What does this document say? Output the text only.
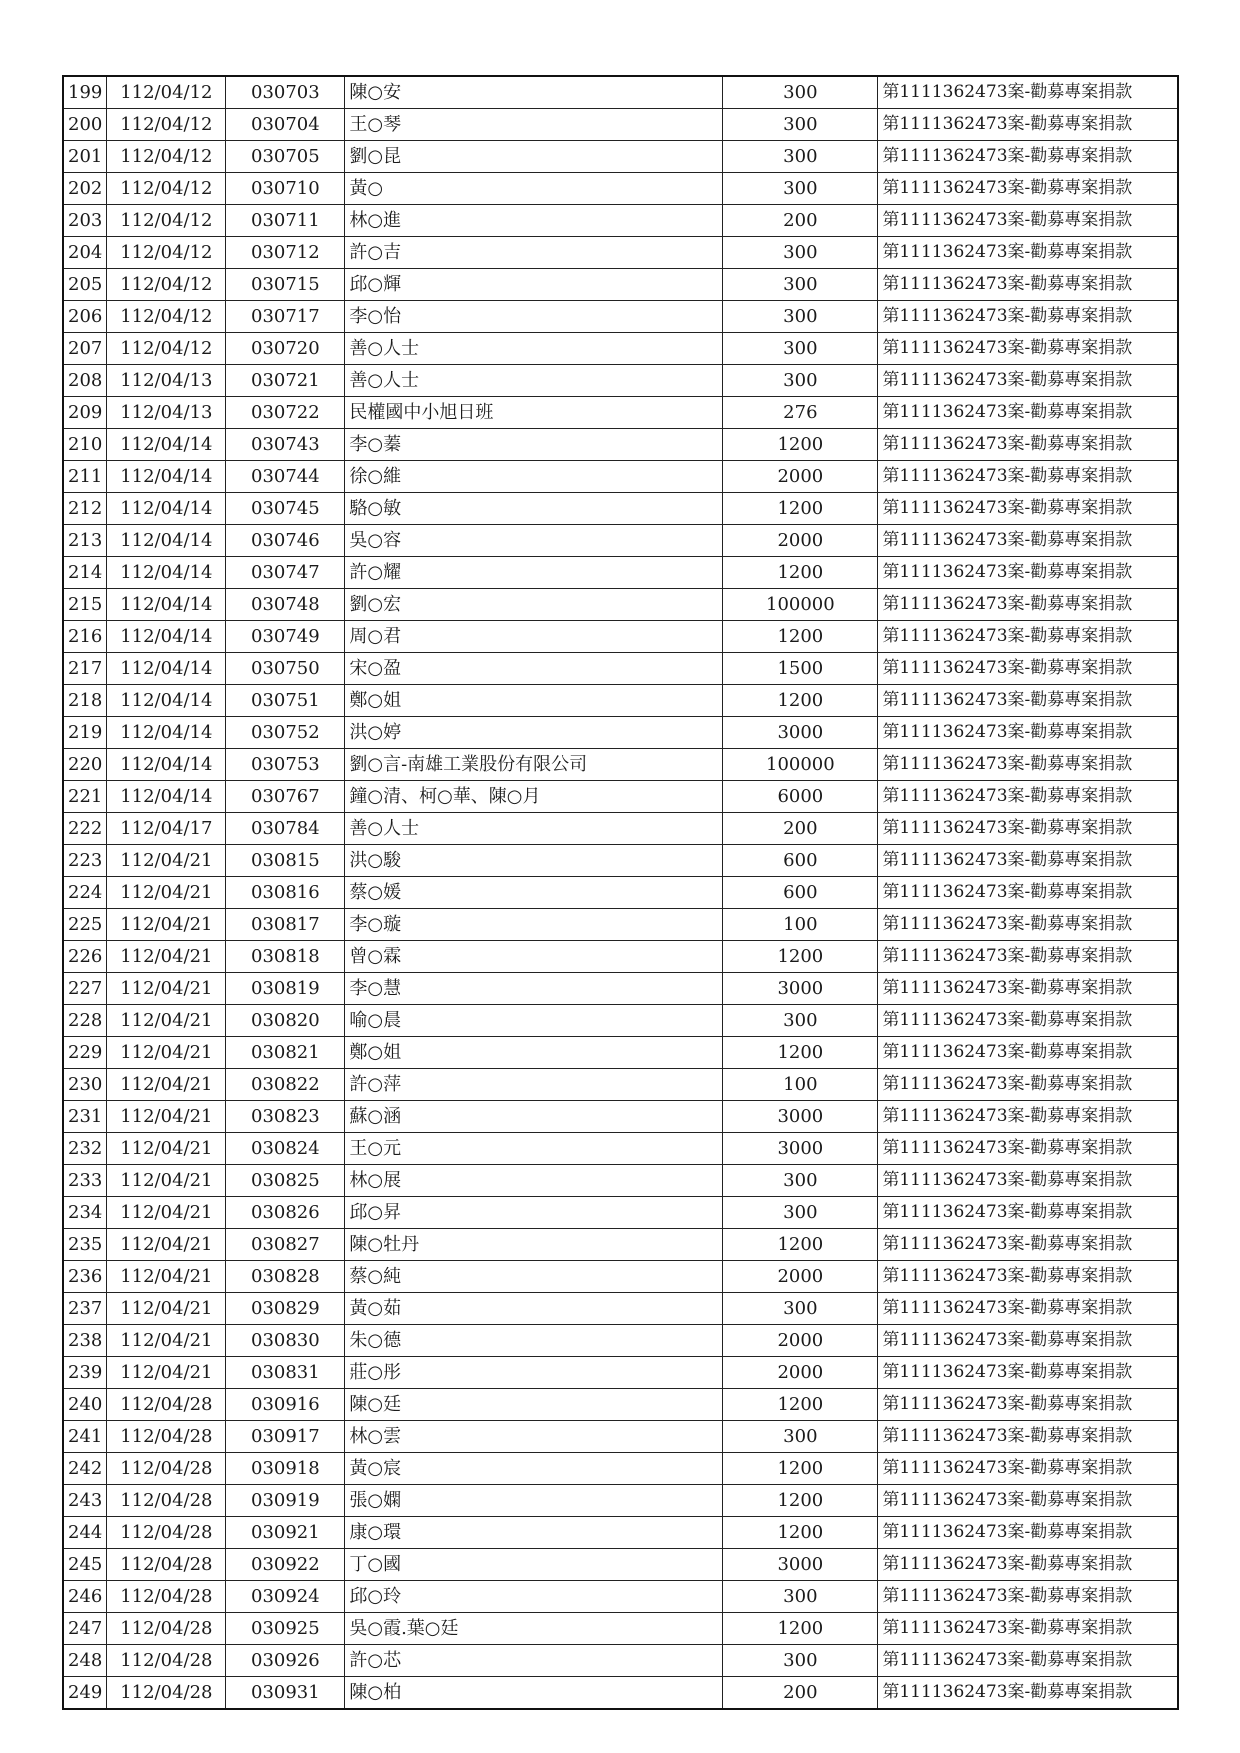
199	112/04/12	030703	陳○安	300	第1111362473案-勸募專案捐款
200	112/04/12	030704	王○琴	300	第1111362473案-勸募專案捐款
201	112/04/12	030705	劉○昆	300	第1111362473案-勸募專案捐款
202	112/04/12	030710	黃○	300	第1111362473案-勸募專案捐款
203	112/04/12	030711	林○進	200	第1111362473案-勸募專案捐款
204	112/04/12	030712	許○吉	300	第1111362473案-勸募專案捐款
205	112/04/12	030715	邱○輝	300	第1111362473案-勸募專案捐款
206	112/04/12	030717	李○怡	300	第1111362473案-勸募專案捐款
207	112/04/12	030720	善○人士	300	第1111362473案-勸募專案捐款
208	112/04/13	030721	善○人士	300	第1111362473案-勸募專案捐款
209	112/04/13	030722	民權國中小旭日班	276	第1111362473案-勸募專案捐款
210	112/04/14	030743	李○蓁	1200	第1111362473案-勸募專案捐款
211	112/04/14	030744	徐○維	2000	第1111362473案-勸募專案捐款
212	112/04/14	030745	駱○敏	1200	第1111362473案-勸募專案捐款
213	112/04/14	030746	吳○容	2000	第1111362473案-勸募專案捐款
214	112/04/14	030747	許○耀	1200	第1111362473案-勸募專案捐款
215	112/04/14	030748	劉○宏	100000	第1111362473案-勸募專案捐款
216	112/04/14	030749	周○君	1200	第1111362473案-勸募專案捐款
217	112/04/14	030750	宋○盈	1500	第1111362473案-勸募專案捐款
218	112/04/14	030751	鄭○姐	1200	第1111362473案-勸募專案捐款
219	112/04/14	030752	洪○婷	3000	第1111362473案-勸募專案捐款
220	112/04/14	030753	劉○言-南雄工業股份有限公司	100000	第1111362473案-勸募專案捐款
221	112/04/14	030767	鐘○清、柯○華、陳○月	6000	第1111362473案-勸募專案捐款
222	112/04/17	030784	善○人士	200	第1111362473案-勸募專案捐款
223	112/04/21	030815	洪○駿	600	第1111362473案-勸募專案捐款
224	112/04/21	030816	蔡○媛	600	第1111362473案-勸募專案捐款
225	112/04/21	030817	李○璇	100	第1111362473案-勸募專案捐款
226	112/04/21	030818	曾○霖	1200	第1111362473案-勸募專案捐款
227	112/04/21	030819	李○慧	3000	第1111362473案-勸募專案捐款
228	112/04/21	030820	喻○晨	300	第1111362473案-勸募專案捐款
229	112/04/21	030821	鄭○姐	1200	第1111362473案-勸募專案捐款
230	112/04/21	030822	許○萍	100	第1111362473案-勸募專案捐款
231	112/04/21	030823	蘇○涵	3000	第1111362473案-勸募專案捐款
232	112/04/21	030824	王○元	3000	第1111362473案-勸募專案捐款
233	112/04/21	030825	林○展	300	第1111362473案-勸募專案捐款
234	112/04/21	030826	邱○昇	300	第1111362473案-勸募專案捐款
235	112/04/21	030827	陳○牡丹	1200	第1111362473案-勸募專案捐款
236	112/04/21	030828	蔡○純	2000	第1111362473案-勸募專案捐款
237	112/04/21	030829	黃○茹	300	第1111362473案-勸募專案捐款
238	112/04/21	030830	朱○德	2000	第1111362473案-勸募專案捐款
239	112/04/21	030831	莊○彤	2000	第1111362473案-勸募專案捐款
240	112/04/28	030916	陳○廷	1200	第1111362473案-勸募專案捐款
241	112/04/28	030917	林○雲	300	第1111362473案-勸募專案捐款
242	112/04/28	030918	黃○宸	1200	第1111362473案-勸募專案捐款
243	112/04/28	030919	張○嫻	1200	第1111362473案-勸募專案捐款
244	112/04/28	030921	康○環	1200	第1111362473案-勸募專案捐款
245	112/04/28	030922	丁○國	3000	第1111362473案-勸募專案捐款
246	112/04/28	030924	邱○玲	300	第1111362473案-勸募專案捐款
247	112/04/28	030925	吳○霞.葉○廷	1200	第1111362473案-勸募專案捐款
248	112/04/28	030926	許○芯	300	第1111362473案-勸募專案捐款
249	112/04/28	030931	陳○柏	200	第1111362473案-勸募專案捐款
